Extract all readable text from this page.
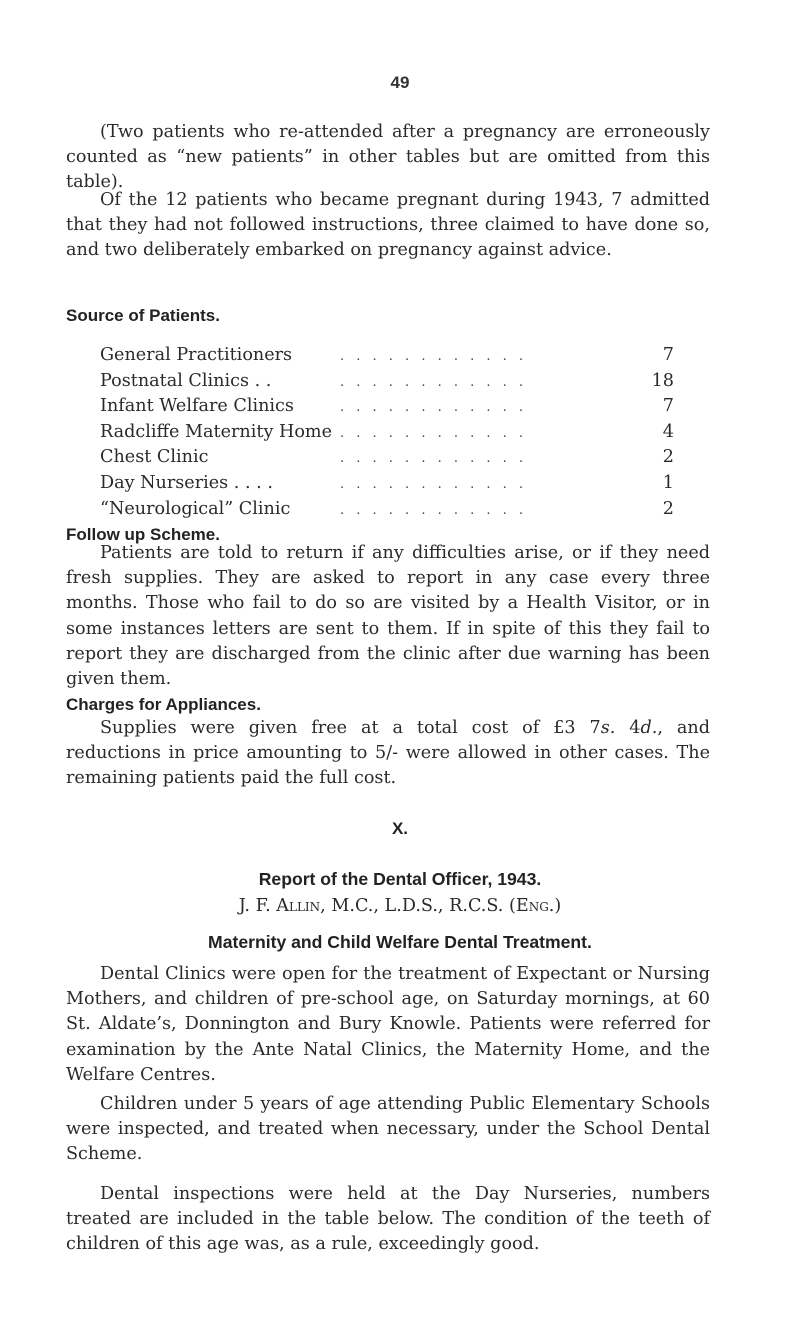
49

(Two patients who re-attended after a pregnancy are erroneously counted as “new patients” in other tables but are omitted from this table).

Of the 12 patients who became pregnant during 1943, 7 admitted that they had not followed instructions, three claimed to have done so, and two deliberately embarked on pregnancy against advice.

Source of Patients.
General Practitioners	. . . . . . . . . . . .	7
Postnatal Clinics . .	. . . . . . . . . . . .	18
Infant Welfare Clinics	. . . . . . . . . . . .	7
Radcliffe Maternity Home . . . . . . . . . . . .	4
Chest Clinic	. . . . . . . . . . . .	2
Day Nurseries . . . .	. . . . . . . . . . . .	1
“Neurological” Clinic	. . . . . . . . . . . .	2
Follow up Scheme.

Patients are told to return if any difficulties arise, or if they need fresh supplies. They are asked to report in any case every three months. Those who fail to do so are visited by a Health Visitor, or in some instances letters are sent to them. If in spite of this they fail to report they are discharged from the clinic after due warning has been given them.

Charges for Appliances.

Supplies were given free at a total cost of £3 7s. 4d., and reductions in price amounting to 5/- were allowed in other cases. The remaining patients paid the full cost.

X.
Report of the Dental Officer, 1943.
J. F. Allin, M.C., L.D.S., R.C.S. (Eng.)
Maternity and Child Welfare Dental Treatment.

Dental Clinics were open for the treatment of Expectant or Nursing Mothers, and children of pre-school age, on Saturday mornings, at 60 St. Aldate’s, Donnington and Bury Knowle. Patients were referred for examination by the Ante Natal Clinics, the Maternity Home, and the Welfare Centres.

Children under 5 years of age attending Public Elementary Schools were inspected, and treated when necessary, under the School Dental Scheme.

Dental inspections were held at the Day Nurseries, numbers treated are included in the table below. The condition of the teeth of children of this age was, as a rule, exceedingly good.
